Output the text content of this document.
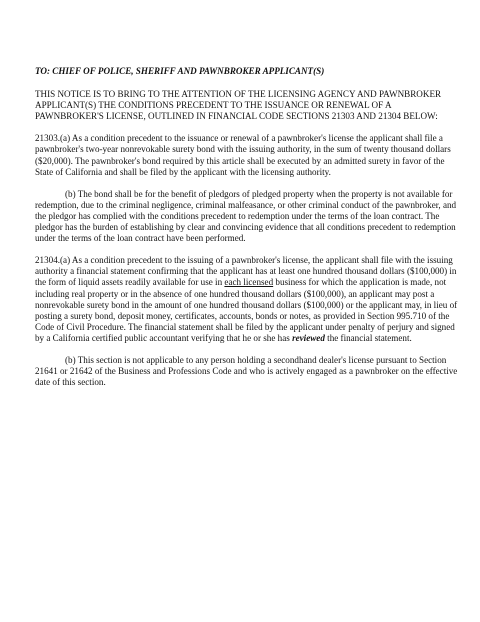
TO: CHIEF OF POLICE, SHERIFF AND PAWNBROKER APPLICANT(S)

THIS NOTICE IS TO BRING TO THE ATTENTION OF THE LICENSING AGENCY AND PAWNBROKER APPLICANT(S) THE CONDITIONS PRECEDENT TO THE ISSUANCE OR RENEWAL OF A PAWNBROKER'S LICENSE, OUTLINED IN FINANCIAL CODE SECTIONS 21303 AND 21304 BELOW:

21303.(a) As a condition precedent to the issuance or renewal of a pawnbroker's license the applicant shall file a pawnbroker's two-year nonrevokable surety bond with the issuing authority, in the sum of twenty thousand dollars ($20,000). The pawnbroker's bond required by this article shall be executed by an admitted surety in favor of the State of California and shall be filed by the applicant with the licensing authority.

(b) The bond shall be for the benefit of pledgors of pledged property when the property is not available for redemption, due to the criminal negligence, criminal malfeasance, or other criminal conduct of the pawnbroker, and the pledgor has complied with the conditions precedent to redemption under the terms of the loan contract. The pledgor has the burden of establishing by clear and convincing evidence that all conditions precedent to redemption under the terms of the loan contract have been performed.

21304.(a) As a condition precedent to the issuing of a pawnbroker's license, the applicant shall file with the issuing authority a financial statement confirming that the applicant has at least one hundred thousand dollars ($100,000) in the form of liquid assets readily available for use in each licensed business for which the application is made, not including real property or in the absence of one hundred thousand dollars ($100,000), an applicant may post a nonrevokable surety bond in the amount of one hundred thousand dollars ($100,000) or the applicant may, in lieu of posting a surety bond, deposit money, certificates, accounts, bonds or notes, as provided in Section 995.710 of the Code of Civil Procedure. The financial statement shall be filed by the applicant under penalty of perjury and signed by a California certified public accountant verifying that he or she has reviewed the financial statement.

(b) This section is not applicable to any person holding a secondhand dealer's license pursuant to Section 21641 or 21642 of the Business and Professions Code and who is actively engaged as a pawnbroker on the effective date of this section.
